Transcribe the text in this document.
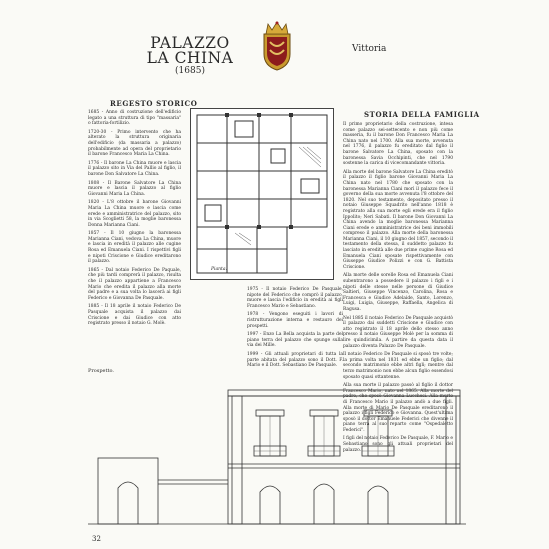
PALAZZO
LA CHINA
(1685)
Vittoria
REGESTO STORICO

1685 - Anno di costruzione dell'edificio legato a una struttura di tipo "massaria" o fattoria-fortilizio.

1720-30 - Primo intervento che ha alterato la struttura originaria dell'edificio (da massaria a palazzo) probabilmente ad opera del proprietario il barone Francesco Maria La China.

1776 - Il barone La China muore e lascia il palazzo sito in Via del Pallio al figlio, il barone Don Salvatore La China.

1808 - Il Barone Salvatore La China muore e lascia il palazzo al figlio Giovanni Maria La China.

1820 - L'8 ottobre il barone Giovanni Maria La China muore e lascia come erede e amministratrice del palazzo, sito in via Scoglietti 58, la moglie baronessa Donna Marianna Ciani.

1857 - Il 10 giugno la baronessa Marianna Ciani, vedova La China, muore e lascia in eredità il palazzo alle cugine Rosa ed Emanuela Ciani. I rispettivi figli e nipoti Criscione e Giudice ereditarono il palazzo.

1865 - Dal notaio Federico De Paquale, che più tardi comprerà il palazzo, risulta che il palazzo appartiene a Francesco Mario che eredita il palazzo alla morte del padre e a sua volta lo lascerà ai figli Federico e Giovanna De Pasquale.

1885 - Il 18 aprile il notaio Federico De Pasquale acquista il palazzo dai Criscione e dai Giudice con atto registrato presso il notaio G. Molè.

Pianta.

1975 - Il notaio Federico De Pasquale, nipote del Federico che comprò il palazzo, muore e lascia l'edificio in eredità ai figli Francesco Mario e Sebastiano.

1978 - Vengono eseguiti i lavori di ristrutturazione interna e restauro dei prospetti.

1997 - Enzo La Bella acquista la parte del piano terra del palazzo che spunge sulla via dei Mille.

1999 - Gli attuali proprietari di tutta la parte abitata del palazzo sono il Dott. F. Mario e il Dott. Sebastiano De Pasquale.

STORIA DELLA FAMIGLIA

Il primo proprietario della costruzione, intesa come palazzo sei-settecento e non più come masseria, fu il barone Don Francesco Maria La China nato nel 1700. Alla sua morte, avvenuta nel 1776, il palazzo fu ereditato dal figlio il barone Salvatore La China, sposato con la baronessa Savia Occhipinti, che nel 1790 sostenne la carica di vicecomandante vittoria.

Alla morte del barone Salvatore La China ereditò il palazzo il figlio barone Giovanni Maria La China nato nel 1780 che sposato con la baronessa Marianna Ciani morì il palazzo fece il governo della sua morte avvenuta l'8 ottobre del 1820. Nel suo testamento, depositato presso il notaio Giuseppe Squadrito nell'anno 1818 è registrato alla sua morte egli erede era il figlio Ippolito; Neri Sabati. Il barone Don Giovanni La China avendo la moglie baronessa Marianna Ciani erede e amministratrice dei beni immobili compreso il palazzo. Alla morte della baronessa Marianna Ciani, il 10 giugno del 1857, secondo il testamento della stessa, il suddetto palazzo fu lasciato in eredità alle due prime cugine Rosa ed Emanuela Ciani sposate rispettivamente con Giuseppe Giudice Polizzi e con G. Battista Criscione.

Alla morte delle sorelle Rosa ed Emanuela Ciani subentrarono a possedere il palazzo i figli e i nipoti delle stesse nelle persone di Giudice Saltieri, Giuseppe Vincenzo, Carolina, Rosa e Francesca e Giudice Adelaide, Santo, Lorenzo, Luigi, Luigia, Giuseppe, Raffaella, Angelica di Ragusa.

Nel 1885 il notaio Federico De Pasquale acquistò il palazzo dai suddetti Criscione e Giudice con atto registrato il 18 aprile dello stesso anno presso il notaio Giuseppe Molè per la somma di lire quindicimila. A partire da questa data il palazzo diventa Palazzo De Pasquale.

Il notaio Federico De Pasquale si sposò tre volte; la prima volta nel 1831 ed ebbe un figlio; dal secondo matrimonio ebbe altri figli; mentre dal terzo matrimonio non ebbe alcun figlio essendosi sposato quasi ottantenne.

Alla sua morte il palazzo passò al figlio il dottor Francesco Mario, nato nel 1865. Alla morte del padre, che sposò Giovanna Lucchesi. Alla morte di Francesco Mario il palazzo andò a due figli. Alla morte di Mario De Pasquale ereditarono il palazzo i figli Federico e Giovanna. Quest'ultima sposò il dottor Emanuele Federici che divenne il piano terra al suo reparto come "Ospedaletto Federici".

I figli del notaio Federico De Pasquale, F. Mario e Sebastiano sono gli attuali proprietari del palazzo.

Prospetto.
32
